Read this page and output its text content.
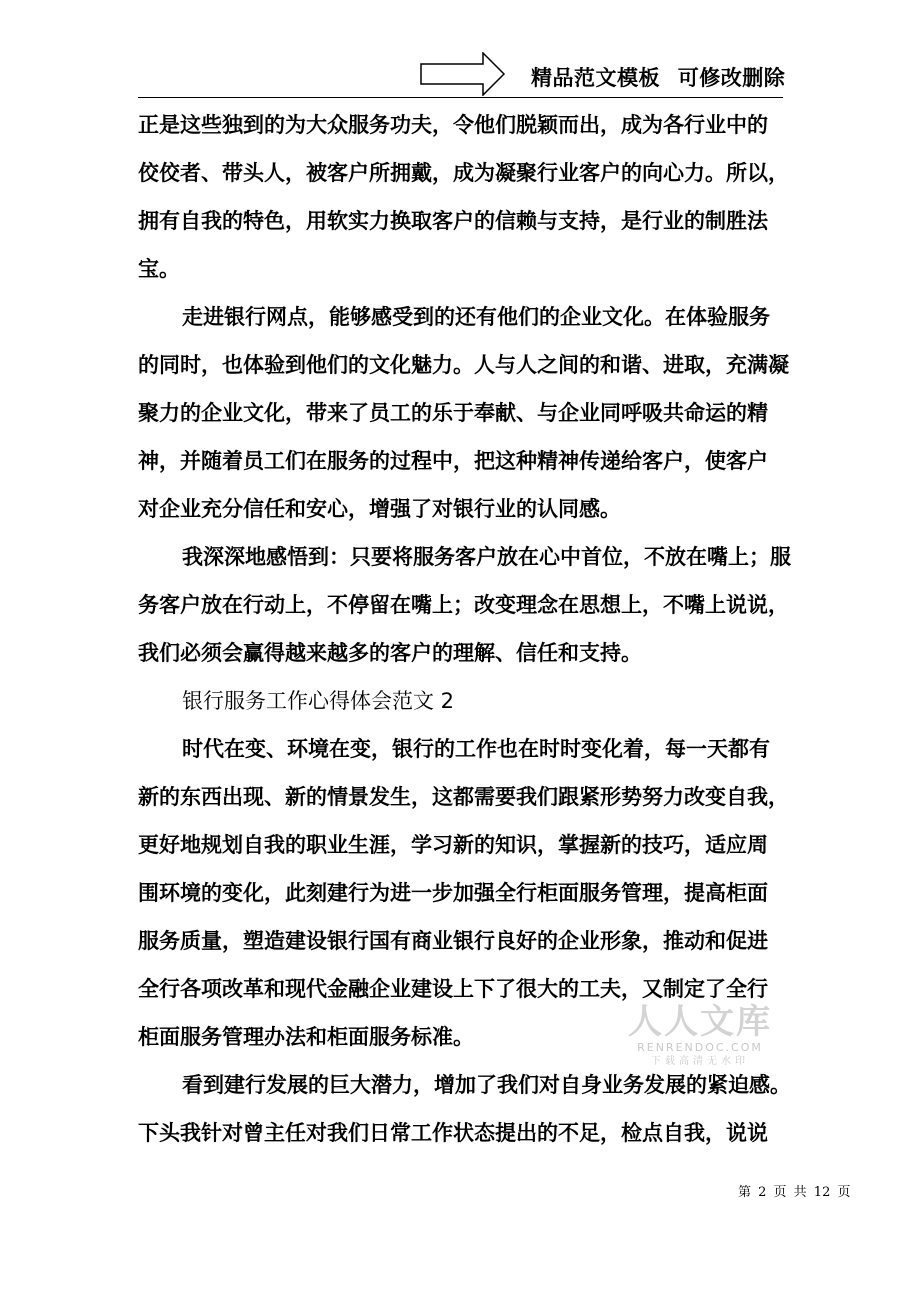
精品范文模板 可修改删除
正是这些独到的为大众服务功夫，令他们脱颖而出，成为各行业中的
佼佼者、带头人，被客户所拥戴，成为凝聚行业客户的向心力。所以，
拥有自我的特色，用软实力换取客户的信赖与支持，是行业的制胜法
宝。
走进银行网点，能够感受到的还有他们的企业文化。在体验服务
的同时，也体验到他们的文化魅力。人与人之间的和谐、进取，充满凝
聚力的企业文化，带来了员工的乐于奉献、与企业同呼吸共命运的精
神，并随着员工们在服务的过程中，把这种精神传递给客户，使客户
对企业充分信任和安心，增强了对银行业的认同感。
我深深地感悟到：只要将服务客户放在心中首位，不放在嘴上；服
务客户放在行动上，不停留在嘴上；改变理念在思想上，不嘴上说说，
我们必须会赢得越来越多的客户的理解、信任和支持。
银行服务工作心得体会范文 2
时代在变、环境在变，银行的工作也在时时变化着，每一天都有
新的东西出现、新的情景发生，这都需要我们跟紧形势努力改变自我，
更好地规划自我的职业生涯，学习新的知识，掌握新的技巧，适应周
围环境的变化，此刻建行为进一步加强全行柜面服务管理，提高柜面
服务质量，塑造建设银行国有商业银行良好的企业形象，推动和促进
全行各项改革和现代金融企业建设上下了很大的工夫，又制定了全行
柜面服务管理办法和柜面服务标准。
看到建行发展的巨大潜力，增加了我们对自身业务发展的紧迫感。
下头我针对曾主任对我们日常工作状态提出的不足，检点自我，说说
人人文库
RENRENDOC.COM
下载高清无水印
第 2 页 共 12 页
